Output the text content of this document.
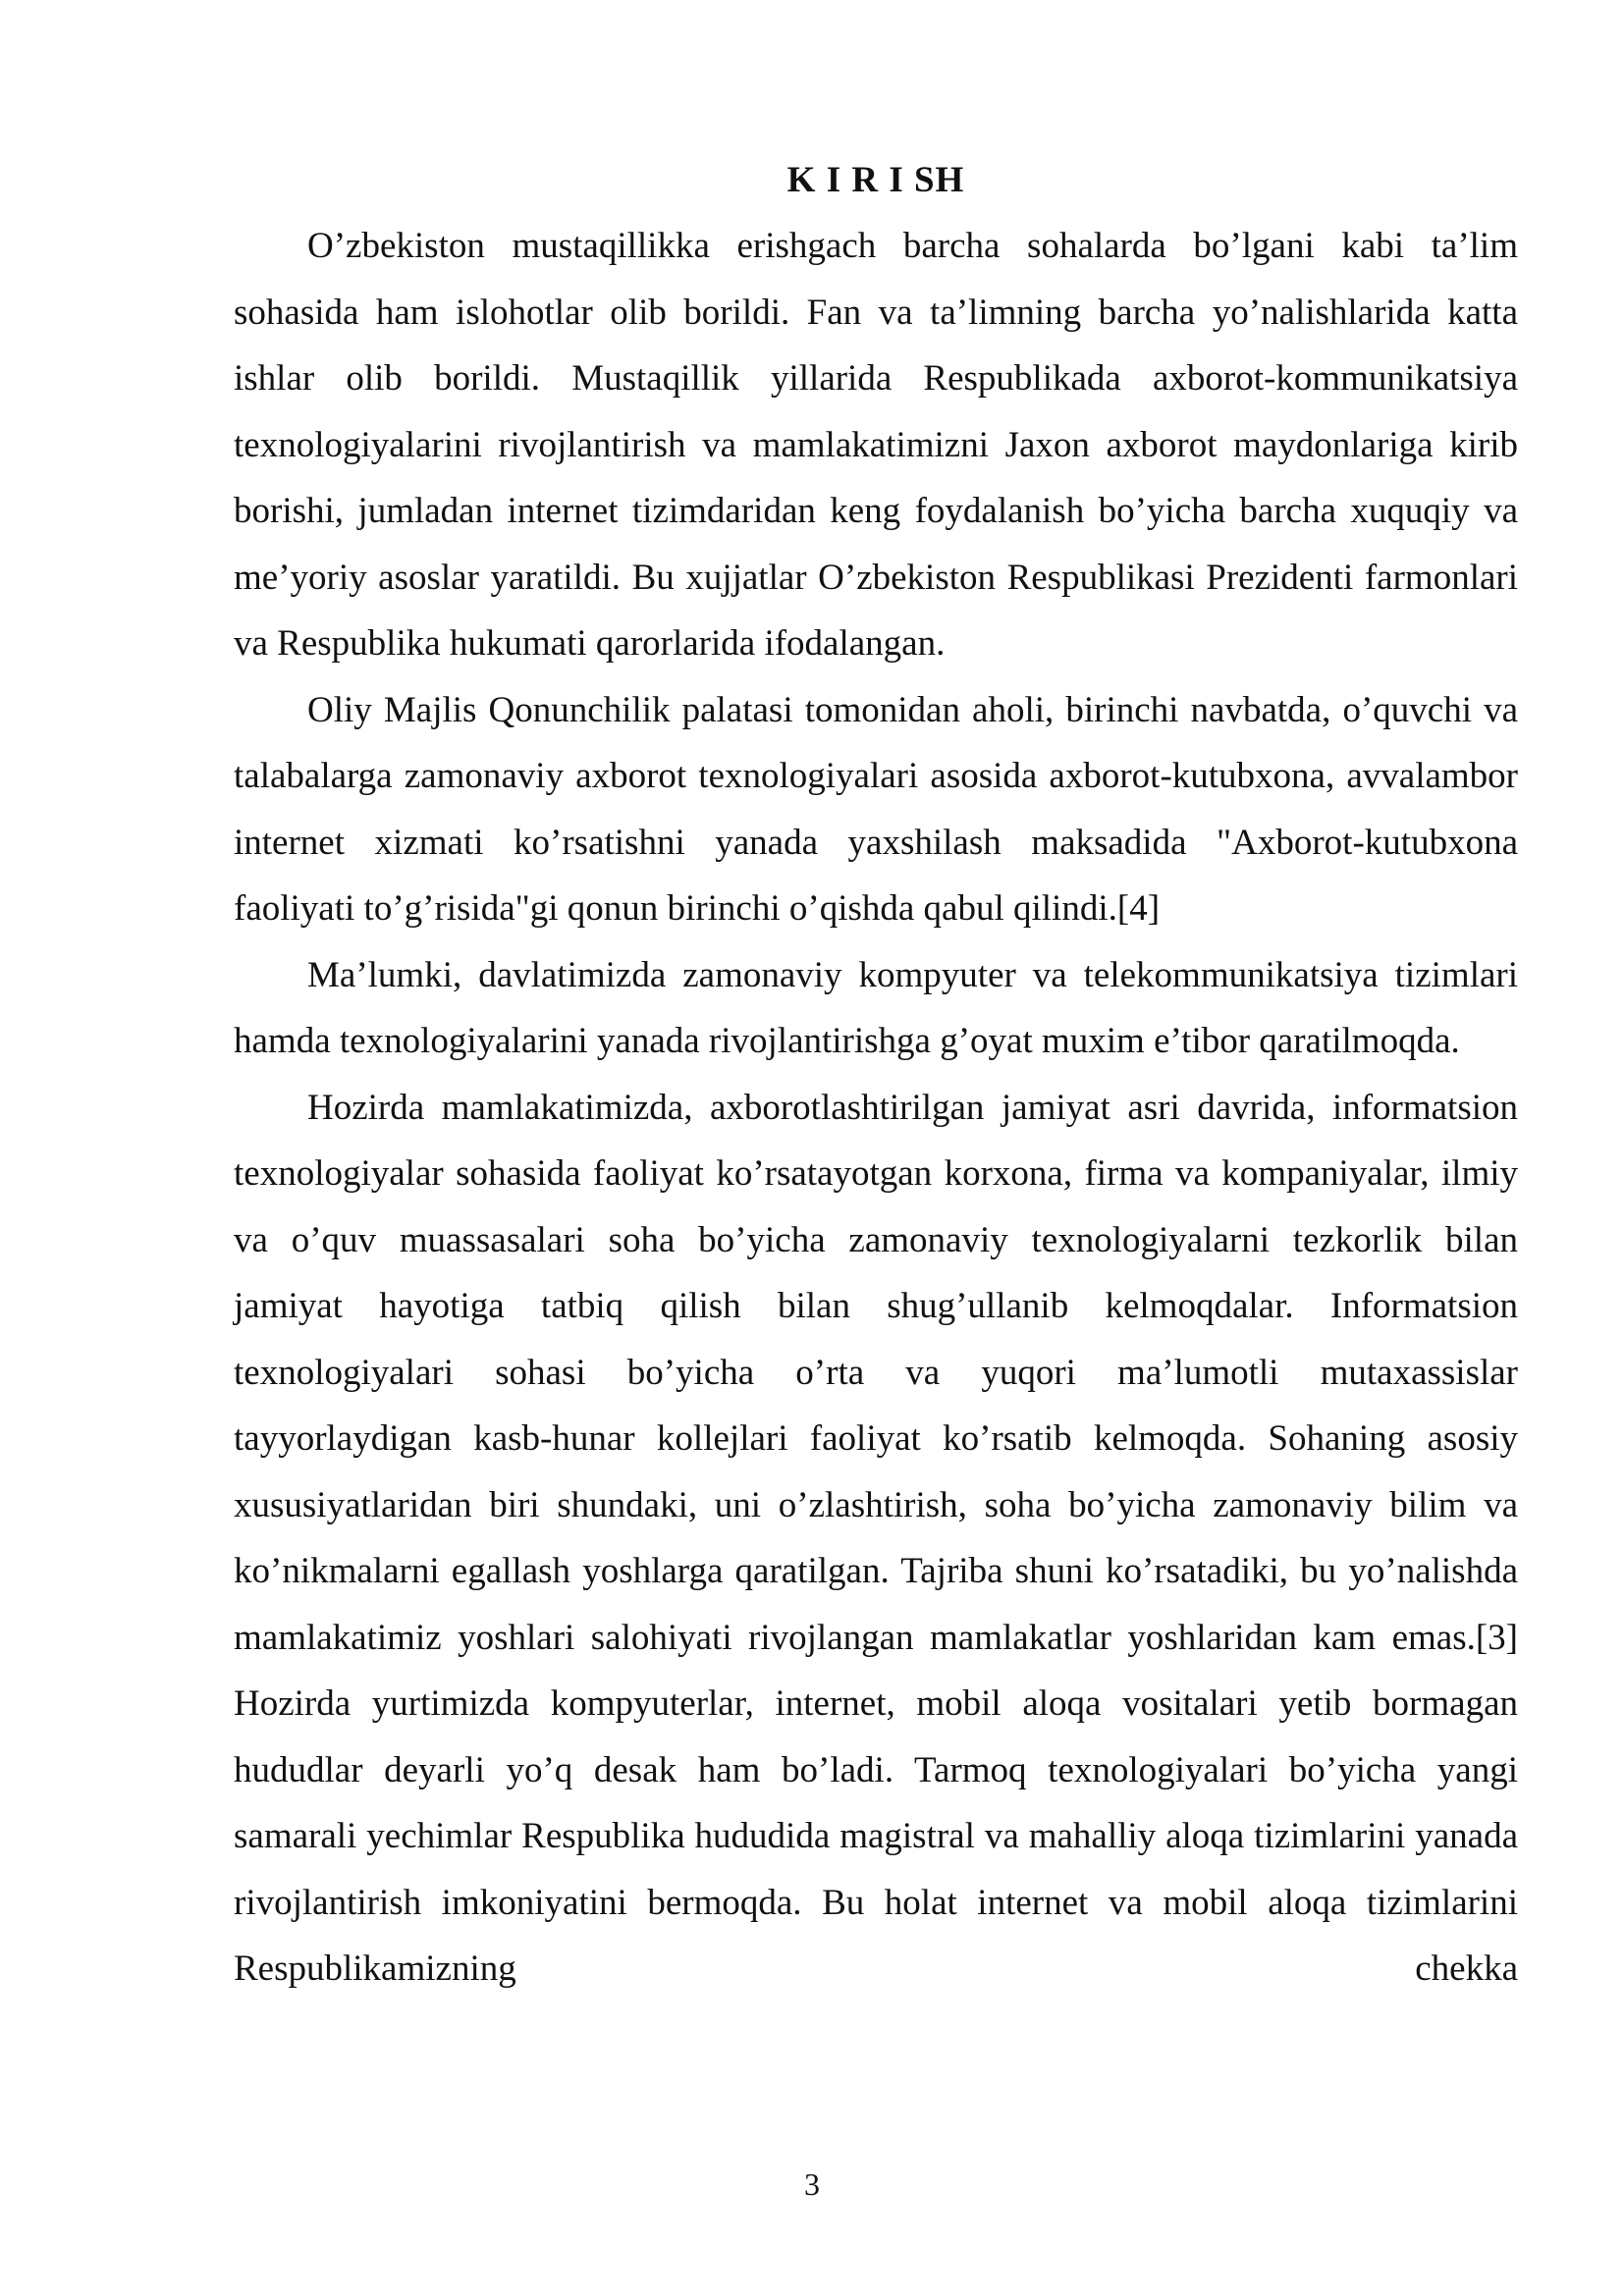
K I R I SH

O’zbekiston mustaqillikka erishgach barcha sohalarda bo’lgani kabi ta’lim sohasida ham islohotlar olib borildi. Fan va ta’limning barcha yo’nalishlarida katta ishlar olib borildi. Mustaqillik yillarida Respublikada axborot-kommunikatsiya texnologiyalarini rivojlantirish va mamlakatimizni Jaxon axborot maydonlariga kirib borishi, jumladan internet tizimdaridan keng foydalanish bo’yicha barcha xuquqiy va me’yoriy asoslar yaratildi. Bu xujjatlar O’zbekiston Respublikasi Prezidenti farmonlari va Respublika hukumati qarorlarida ifodalangan.

Oliy Majlis Qonunchilik palatasi tomonidan aholi, birinchi navbatda, o’quvchi va talabalarga zamonaviy axborot texnologiyalari asosida axborot-kutubxona, avvalambor internet xizmati ko’rsatishni yanada yaxshilash maksadida "Axborot-kutubxona faoliyati to’g’risida"gi qonun birinchi o’qishda qabul qilindi.[4]

Ma’lumki, davlatimizda zamonaviy kompyuter va telekommunikatsiya tizimlari hamda texnologiyalarini yanada rivojlantirishga g’oyat muxim e’tibor qaratilmoqda.

Hozirda mamlakatimizda, axborotlashtirilgan jamiyat asri davrida, informatsion texnologiyalar sohasida faoliyat ko’rsatayotgan korxona, firma va kompaniyalar, ilmiy va o’quv muassasalari soha bo’yicha zamonaviy texnologiyalarni tezkorlik bilan jamiyat hayotiga tatbiq qilish bilan shug’ullanib kelmoqdalar. Informatsion texnologiyalari sohasi bo’yicha o’rta va yuqori ma’lumotli mutaxassislar tayyorlaydigan kasb-hunar kollejlari faoliyat ko’rsatib kelmoqda. Sohaning asosiy xususiyatlaridan biri shundaki, uni o’zlashtirish, soha bo’yicha zamonaviy bilim va ko’nikmalarni egallash yoshlarga qaratilgan. Tajriba shuni ko’rsatadiki, bu yo’nalishda mamlakatimiz yoshlari salohiyati rivojlangan mamlakatlar yoshlaridan kam emas.[3] Hozirda yurtimizda kompyuterlar, internet, mobil aloqa vositalari yetib bormagan hududlar deyarli yo’q desak ham bo’ladi. Tarmoq texnologiyalari bo’yicha yangi samarali yechimlar Respublika hududida magistral va mahalliy aloqa tizimlarini yanada rivojlantirish imkoniyatini bermoqda. Bu holat internet va mobil aloqa tizimlarini Respublikamizning chekka

3
